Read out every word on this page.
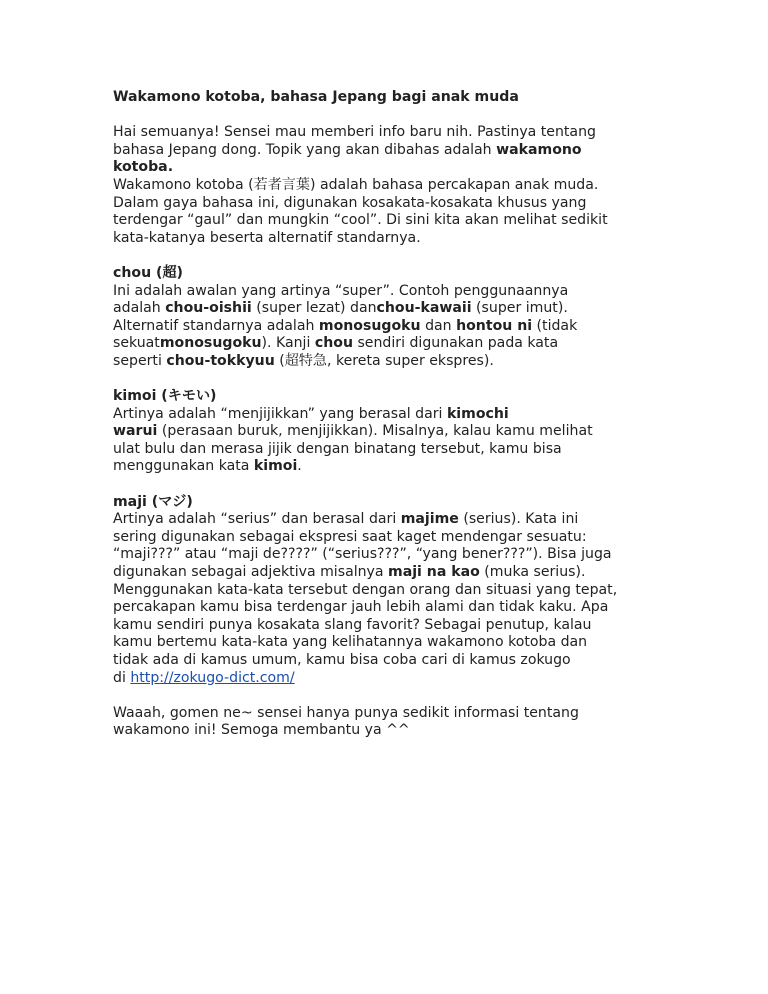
Wakamono kotoba, bahasa Jepang bagi anak muda
Hai semuanya! Sensei mau memberi info baru nih. Pastinya tentang
bahasa Jepang dong. Topik yang akan dibahas adalah wakamono
kotoba.
Wakamono kotoba (若者言葉) adalah bahasa percakapan anak muda.
Dalam gaya bahasa ini, digunakan kosakata-kosakata khusus yang
terdengar “gaul” dan mungkin “cool”. Di sini kita akan melihat sedikit
kata-katanya beserta alternatif standarnya.
chou (超)
Ini adalah awalan yang artinya “super”. Contoh penggunaannya
adalah chou-oishii (super lezat) danchou-kawaii (super imut).
Alternatif standarnya adalah monosugoku dan hontou ni (tidak
sekuatmonosugoku). Kanji chou sendiri digunakan pada kata
seperti chou-tokkyuu (超特急, kereta super ekspres).
kimoi (キモい)
Artinya adalah “menjijikkan” yang berasal dari kimochi
warui (perasaan buruk, menjijikkan). Misalnya, kalau kamu melihat
ulat bulu dan merasa jijik dengan binatang tersebut, kamu bisa
menggunakan kata kimoi.
maji (マジ)
Artinya adalah “serius” dan berasal dari majime (serius). Kata ini
sering digunakan sebagai ekspresi saat kaget mendengar sesuatu:
“maji???” atau “maji de????” (“serius???”, “yang bener???”). Bisa juga
digunakan sebagai adjektiva misalnya maji na kao (muka serius).
Menggunakan kata-kata tersebut dengan orang dan situasi yang tepat,
percakapan kamu bisa terdengar jauh lebih alami dan tidak kaku. Apa
kamu sendiri punya kosakata slang favorit? Sebagai penutup, kalau
kamu bertemu kata-kata yang kelihatannya wakamono kotoba dan
tidak ada di kamus umum, kamu bisa coba cari di kamus zokugo
di http://zokugo-dict.com/
Waaah, gomen ne~ sensei hanya punya sedikit informasi tentang
wakamono ini! Semoga membantu ya ^^
